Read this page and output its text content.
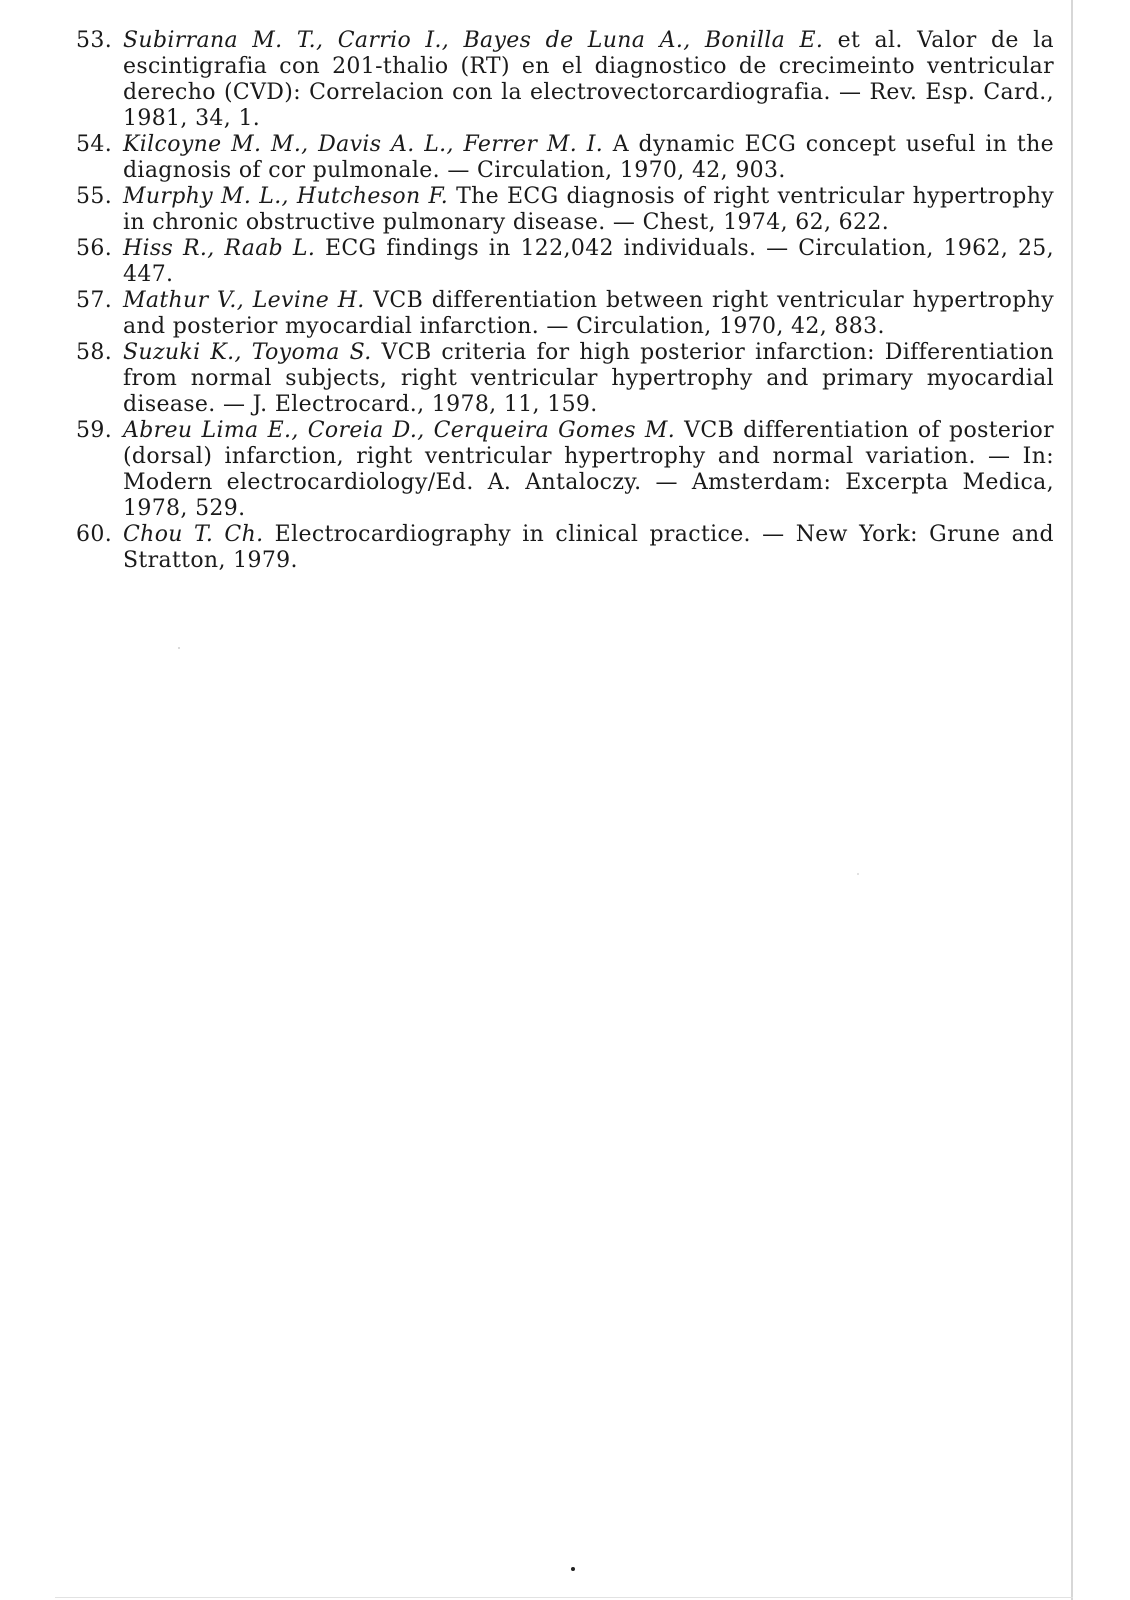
53. Subirrana M. T., Carrio I., Bayes de Luna A., Bonilla E. et al. Valor de la escintigrafia con 201-thalio (RT) en el diagnostico de crecimeinto ventricular derecho (CVD): Correlacion con la electrovectorcardiografia. — Rev. Esp. Card., 1981, 34, 1.
54. Kilcoyne M. M., Davis A. L., Ferrer M. I. A dynamic ECG concept useful in the diagnosis of cor pulmonale. — Circulation, 1970, 42, 903.
55. Murphy M. L., Hutcheson F. The ECG diagnosis of right ventricular hypertrophy in chronic obstructive pulmonary disease. — Chest, 1974, 62, 622.
56. Hiss R., Raab L. ECG findings in 122,042 individuals. — Circulation, 1962, 25, 447.
57. Mathur V., Levine H. VCB differentiation between right ventricular hypertrophy and posterior myocardial infarction. — Circulation, 1970, 42, 883.
58. Suzuki K., Toyoma S. VCB criteria for high posterior infarction: Differentiation from normal subjects, right ventricular hypertrophy and primary myocardial disease. — J. Electrocard., 1978, 11, 159.
59. Abreu Lima E., Coreia D., Cerqueira Gomes M. VCB differentiation of posterior (dorsal) infarction, right ventricular hypertrophy and normal variation. — In: Modern electrocardiology/Ed. A. Antaloczy. — Amsterdam: Excerpta Medica, 1978, 529.
60. Chou T. Ch. Electrocardiography in clinical practice. — New York: Grune and Stratton, 1979.
